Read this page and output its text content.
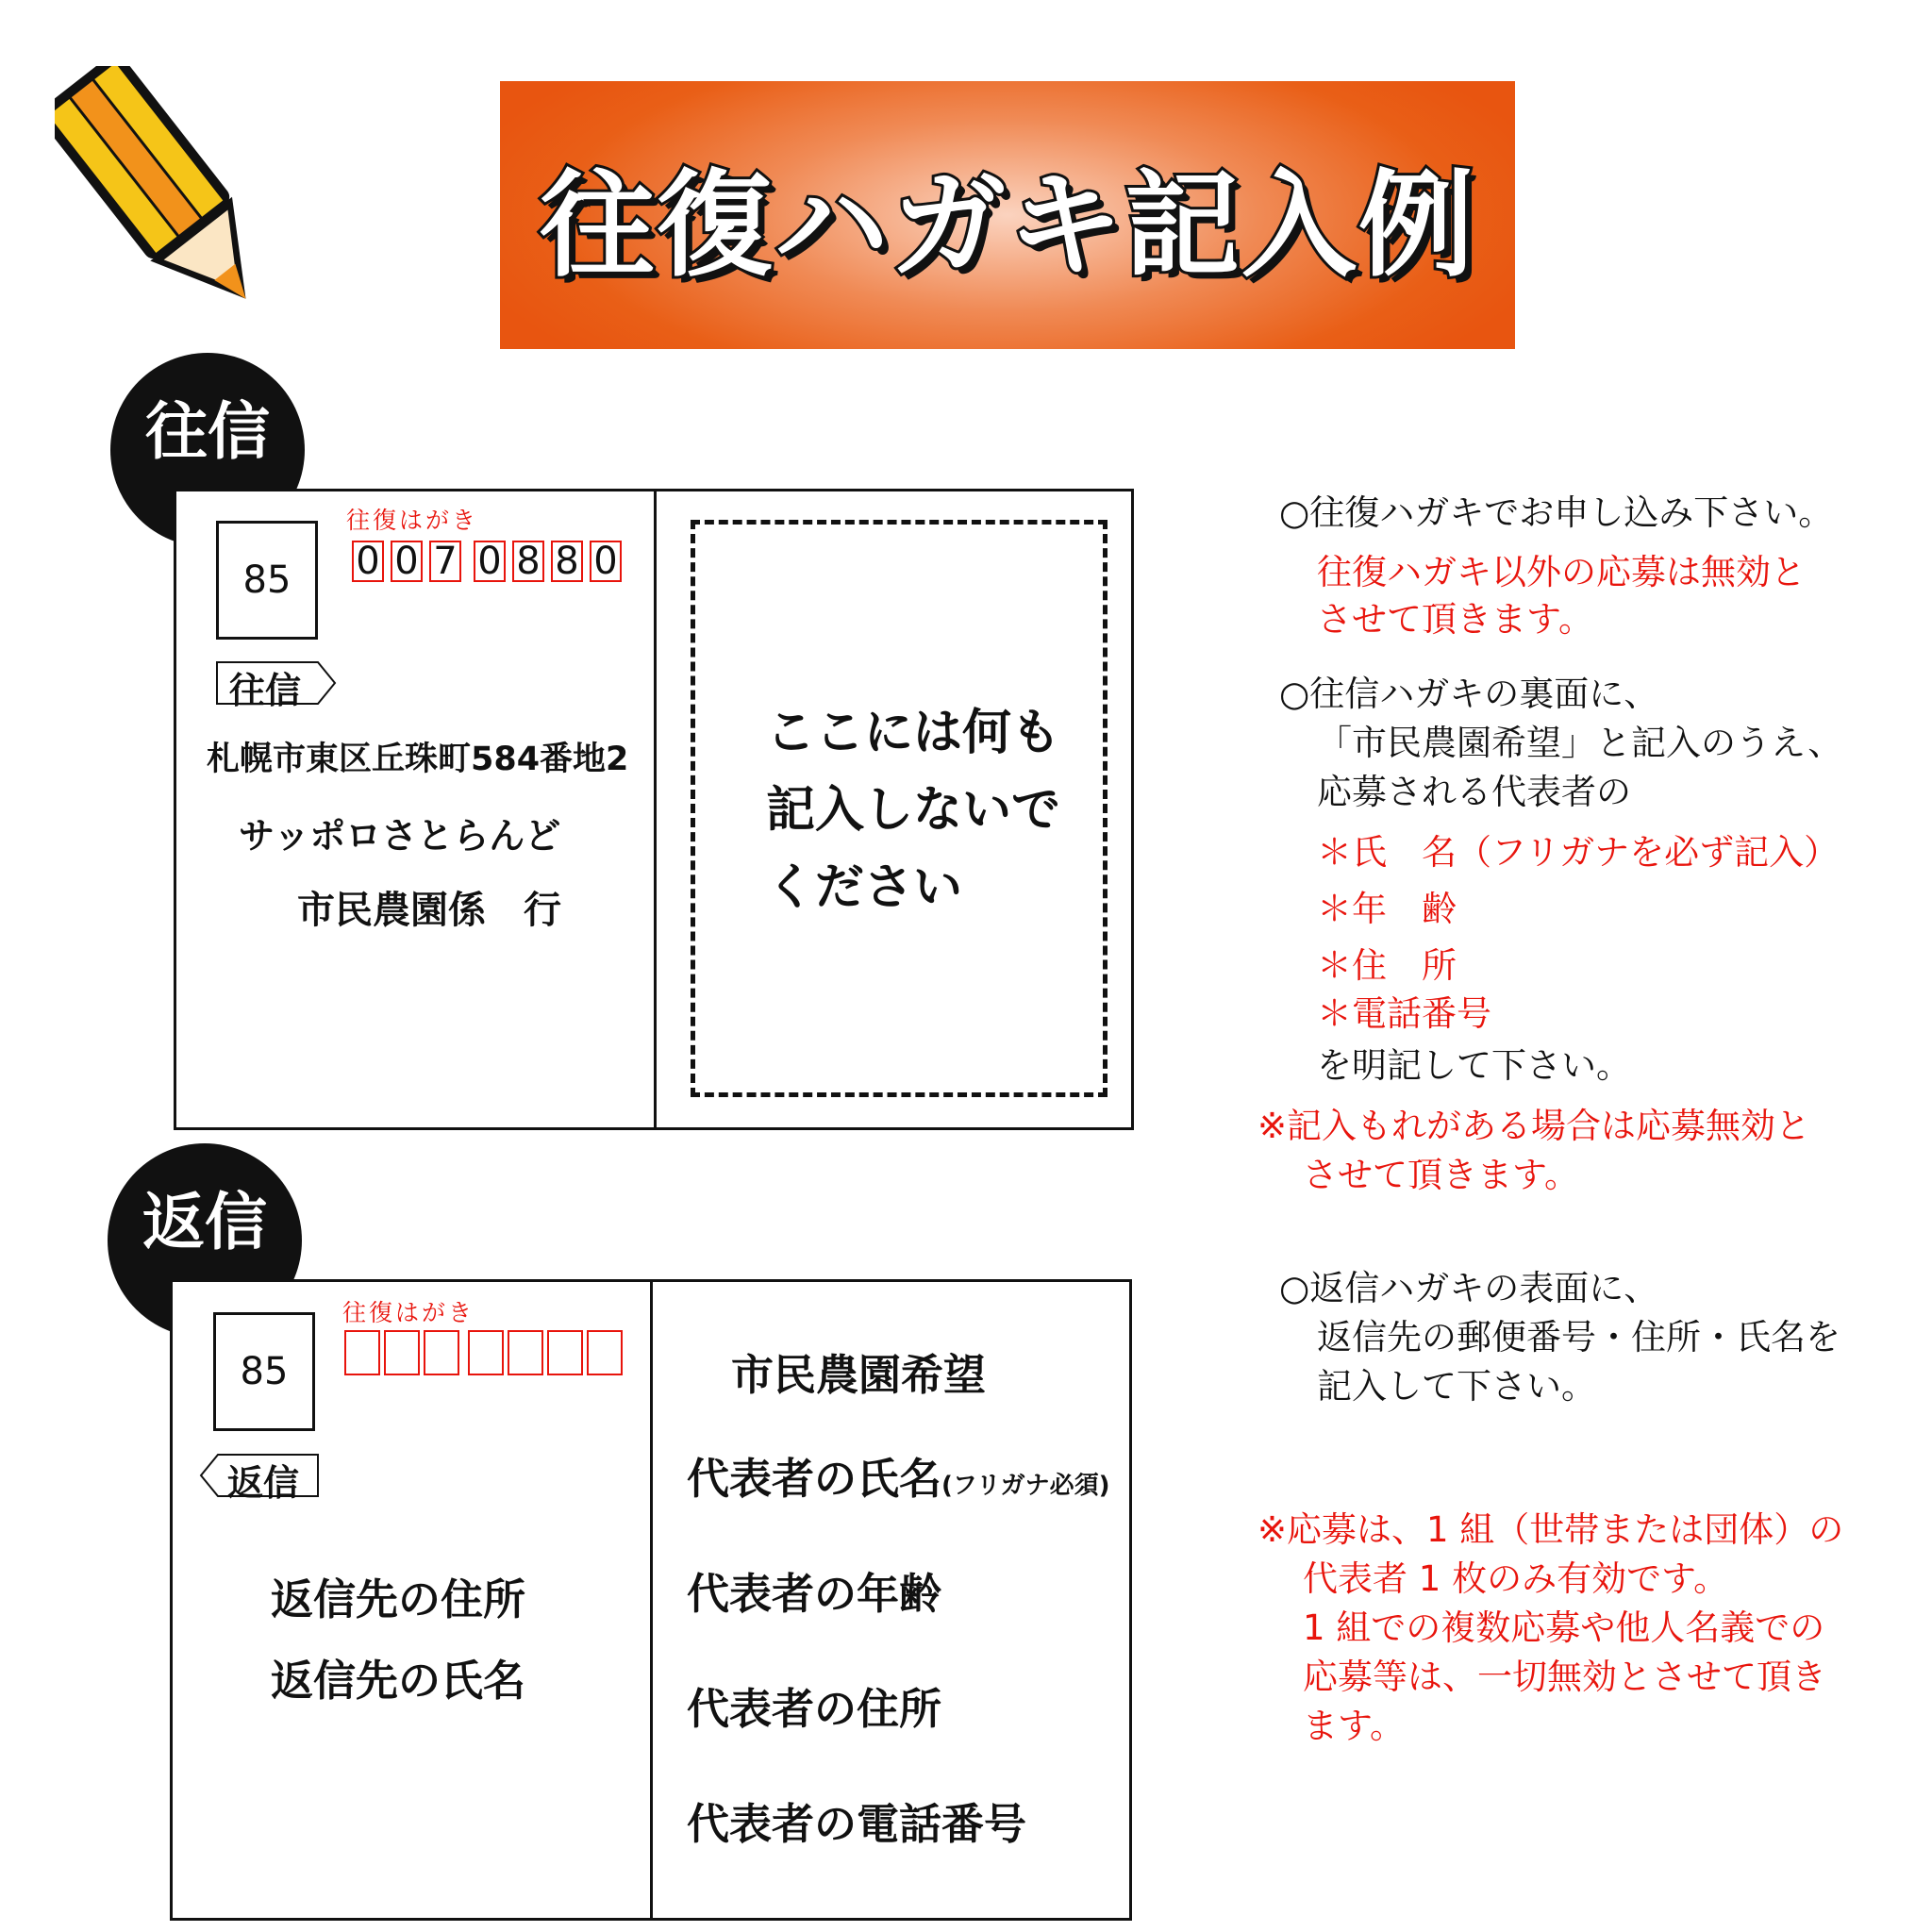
往復ハガキ記入例
往信
85
往復はがき
0 0 7 0 8 8 0
往信
札幌市東区丘珠町584番地2
サッポロさとらんど
市民農園係　行
ここには何も
記入しないで
ください
返信
85
往復はがき
返信
返信先の住所
返信先の氏名
市民農園希望
代表者の氏名(フリガナ必須)
代表者の年齢
代表者の住所
代表者の電話番号
○往復ハガキでお申し込み下さい。
往復ハガキ以外の応募は無効と
させて頂きます。
○往信ハガキの裏面に、
「市民農園希望」と記入のうえ、
応募される代表者の
＊氏　名（フリガナを必ず記入）
＊年　齢
＊住　所
＊電話番号
を明記して下さい。
※記入もれがある場合は応募無効と
させて頂きます。
○返信ハガキの表面に、
返信先の郵便番号・住所・氏名を
記入して下さい。
※応募は、1 組（世帯または団体）の
代表者 1 枚のみ有効です。
1 組での複数応募や他人名義での
応募等は、一切無効とさせて頂き
ます。
